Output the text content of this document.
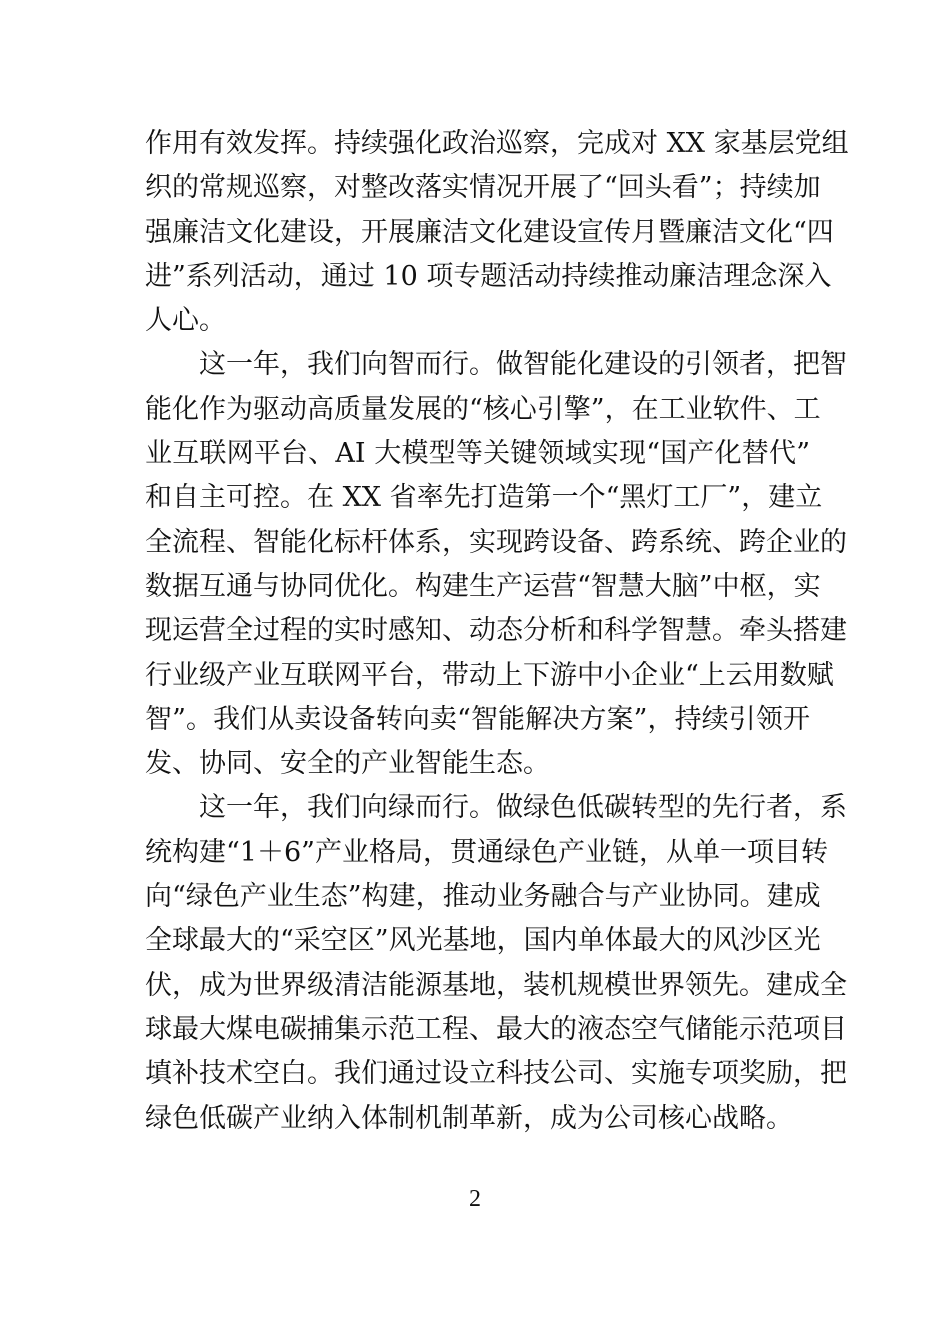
作用有效发挥。持续强化政治巡察，完成对 XX 家基层党组
织的常规巡察，对整改落实情况开展了“回头看”；持续加
强廉洁文化建设，开展廉洁文化建设宣传月暨廉洁文化“四
进”系列活动，通过 10 项专题活动持续推动廉洁理念深入
人心。
这一年，我们向智而行。做智能化建设的引领者，把智
能化作为驱动高质量发展的“核心引擎”，在工业软件、工
业互联网平台、AI 大模型等关键领域实现“国产化替代”
和自主可控。在 XX 省率先打造第一个“黑灯工厂”，建立
全流程、智能化标杆体系，实现跨设备、跨系统、跨企业的
数据互通与协同优化。构建生产运营“智慧大脑”中枢，实
现运营全过程的实时感知、动态分析和科学智慧。牵头搭建
行业级产业互联网平台，带动上下游中小企业“上云用数赋
智”。我们从卖设备转向卖“智能解决方案”，持续引领开
发、协同、安全的产业智能生态。
这一年，我们向绿而行。做绿色低碳转型的先行者，系
统构建“1＋6”产业格局，贯通绿色产业链，从单一项目转
向“绿色产业生态”构建，推动业务融合与产业协同。建成
全球最大的“采空区”风光基地，国内单体最大的风沙区光
伏，成为世界级清洁能源基地，装机规模世界领先。建成全
球最大煤电碳捕集示范工程、最大的液态空气储能示范项目
填补技术空白。我们通过设立科技公司、实施专项奖励，把
绿色低碳产业纳入体制机制革新，成为公司核心战略。
2
